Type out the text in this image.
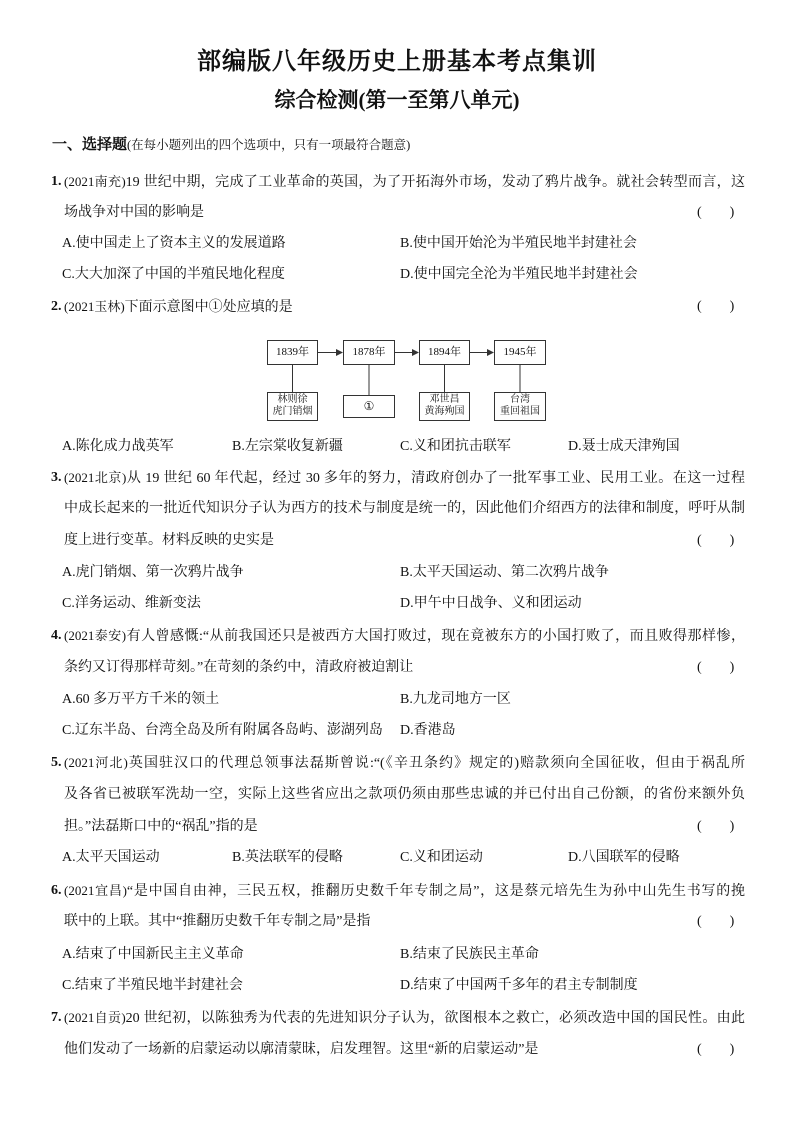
部编版八年级历史上册基本考点集训
综合检测(第一至第八单元)
一、选择题(在每小题列出的四个选项中，只有一项最符合题意)
1. (2021南充)19 世纪中期，完成了工业革命的英国，为了开拓海外市场，发动了鸦片战争。就社会转型而言，这
场战争对中国的影响是	(　　)
A.使中国走上了资本主义的发展道路	B.使中国开始沦为半殖民地半封建社会
C.大大加深了中国的半殖民地化程度	D.使中国完全沦为半殖民地半封建社会
2. (2021玉林)下面示意图中①处应填的是	(　　)
1839年	1878年	1894年	1945年
林则徐
虎门销烟	①	邓世昌
黄海殉国
台湾
重回祖国
A.陈化成力战英军	B.左宗棠收复新疆	C.义和团抗击联军	D.聂士成天津殉国
3. (2021北京)从 19 世纪 60 年代起，经过 30 多年的努力，清政府创办了一批军事工业、民用工业。在这一过程
中成长起来的一批近代知识分子认为西方的技术与制度是统一的，因此他们介绍西方的法律和制度，呼吁从制
度上进行变革。材料反映的史实是	(　　)
A.虎门销烟、第一次鸦片战争	B.太平天国运动、第二次鸦片战争
C.洋务运动、维新变法	D.甲午中日战争、义和团运动
4. (2021泰安)有人曾感慨:“从前我国还只是被西方大国打败过，现在竟被东方的小国打败了，而且败得那样惨，
条约又订得那样苛刻。”在苛刻的条约中，清政府被迫割让	(　　)
A.60 多万平方千米的领土	B.九龙司地方一区
C.辽东半岛、台湾全岛及所有附属各岛屿、澎湖列岛 D.香港岛
5. (2021河北)英国驻汉口的代理总领事法磊斯曾说:“(《辛丑条约》规定的)赔款须向全国征收，但由于祸乱所
及各省已被联军洗劫一空，实际上这些省应出之款项仍须由那些忠诚的并已付出自己份额，的省份来额外负
担。”法磊斯口中的“祸乱”指的是	(　　)
A.太平天国运动	B.英法联军的侵略	C.义和团运动	D.八国联军的侵略
6. (2021宜昌)“是中国自由神，三民五权，推翻历史数千年专制之局”，这是蔡元培先生为孙中山先生书写的挽
联中的上联。其中“推翻历史数千年专制之局”是指	(　　)
A.结束了中国新民主主义革命	B.结束了民族民主革命
C.结束了半殖民地半封建社会	D.结束了中国两千多年的君主专制制度
7. (2021自贡)20 世纪初，以陈独秀为代表的先进知识分子认为，欲图根本之救亡，必须改造中国的国民性。由此
他们发动了一场新的启蒙运动以廓清蒙昧，启发理智。这里“新的启蒙运动”是	(　　)
